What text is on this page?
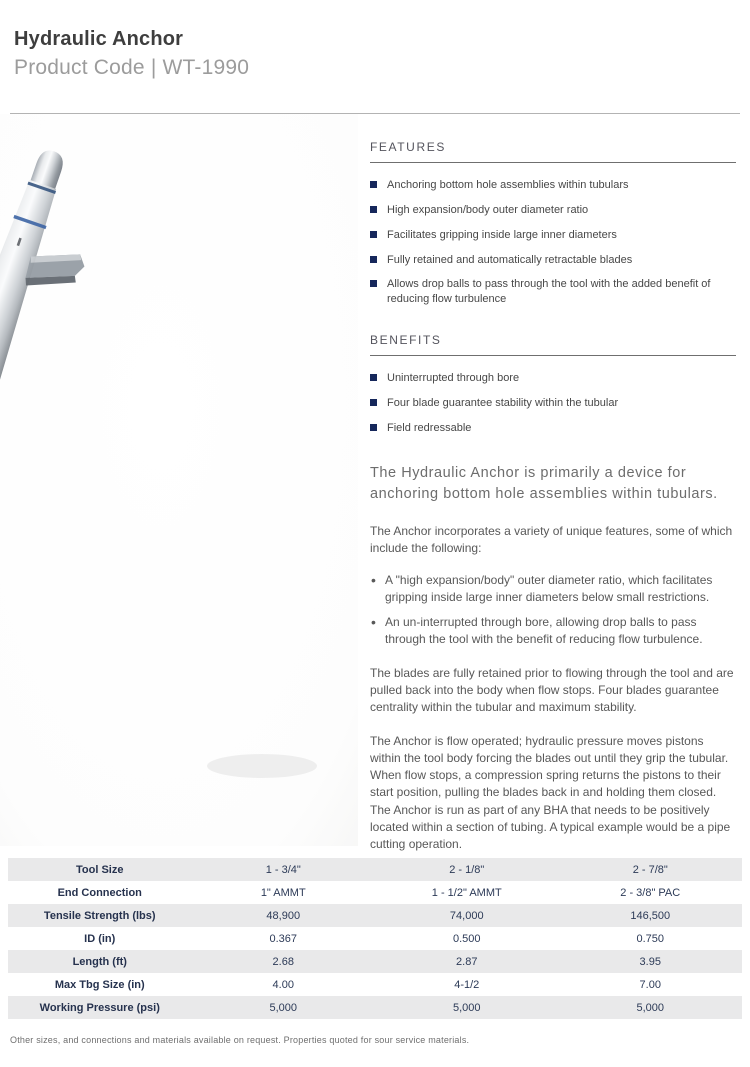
Hydraulic Anchor
Product Code | WT-1990
FEATURES
Anchoring bottom hole assemblies within tubulars
High expansion/body outer diameter ratio
Facilitates gripping inside large inner diameters
Fully retained and automatically retractable blades
Allows drop balls to pass through the tool with the added benefit of reducing flow turbulence
BENEFITS
Uninterrupted through bore
Four blade guarantee stability within the tubular
Field redressable

The Hydraulic Anchor is primarily a device for anchoring bottom hole assemblies within tubulars.

The Anchor incorporates a variety of unique features, some of which include the following:

• A "high expansion/body" outer diameter ratio, which facilitates gripping inside large inner diameters below small restrictions.
• An un-interrupted through bore, allowing drop balls to pass through the tool with the benefit of reducing flow turbulence.

The blades are fully retained prior to flowing through the tool and are pulled back into the body when flow stops. Four blades guarantee centrality within the tubular and maximum stability.

The Anchor is flow operated; hydraulic pressure moves pistons within the tool body forcing the blades out until they grip the tubular. When flow stops, a compression spring returns the pistons to their start position, pulling the blades back in and holding them closed. The Anchor is run as part of any BHA that needs to be positively located within a section of tubing. A typical example would be a pipe cutting operation.

Tool Size	1 - 3/4"	2 - 1/8"	2 - 7/8"
End Connection	1" AMMT	1 - 1/2" AMMT	2 - 3/8" PAC
Tensile Strength (lbs)	48,900	74,000	146,500
ID (in)	0.367	0.500	0.750
Length (ft)	2.68	2.87	3.95
Max Tbg Size (in)	4.00	4-1/2	7.00
Working Pressure (psi)	5,000	5,000	5,000
Other sizes, and connections and materials available on request. Properties quoted for sour service materials.
